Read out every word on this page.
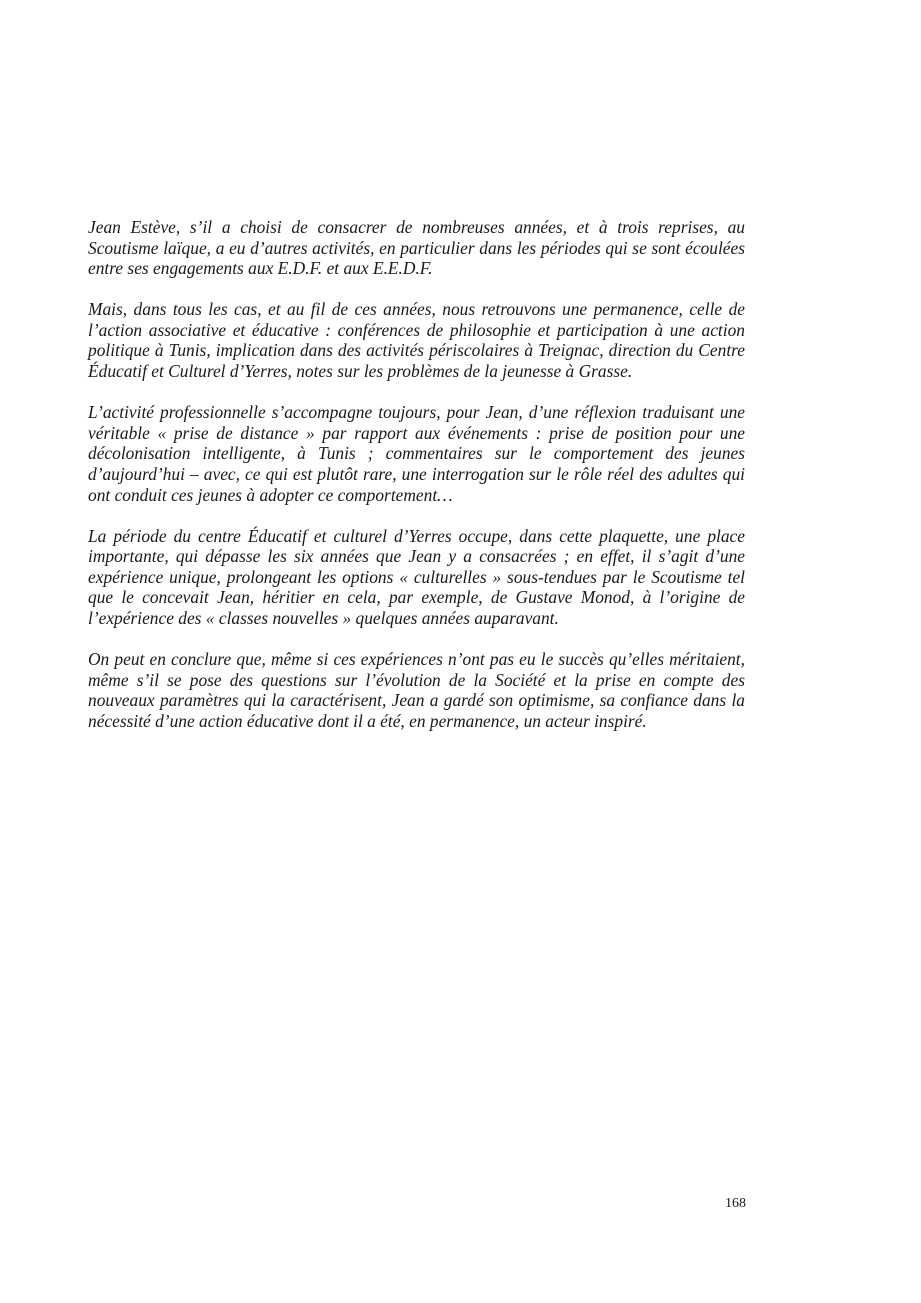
Jean Estève, s’il a choisi de consacrer de nombreuses années, et à trois reprises, au Scoutisme laïque, a eu d’autres activités, en particulier dans les périodes qui se sont écoulées entre ses engagements aux E.D.F. et aux E.E.D.F.

Mais, dans tous les cas, et au fil de ces années, nous retrouvons une permanence, celle de l’action associative et éducative : conférences de philosophie et participation à une action politique à Tunis, implication dans des activités périscolaires à Treignac, direction du Centre Éducatif et Culturel d’Yerres, notes sur les problèmes de la jeunesse à Grasse.

L’activité professionnelle s’accompagne toujours, pour Jean, d’une réflexion traduisant une véritable « prise de distance » par rapport aux événements : prise de position pour une décolonisation intelligente, à Tunis ; commentaires sur le comportement des jeunes d’aujourd’hui – avec, ce qui est plutôt rare, une interrogation sur le rôle réel des adultes qui ont conduit ces jeunes à adopter ce comportement…

La période du centre Éducatif et culturel d’Yerres occupe, dans cette plaquette, une place importante, qui dépasse les six années que Jean y a consacrées ; en effet, il s’agit d’une expérience unique, prolongeant les options « culturelles » sous-tendues par le Scoutisme tel que le concevait Jean, héritier en cela, par exemple, de Gustave Monod, à l’origine de l’expérience des « classes nouvelles » quelques années auparavant.

On peut en conclure que, même si ces expériences n’ont pas eu le succès qu’elles méritaient, même s’il se pose des questions sur l’évolution de la Société et la prise en compte des nouveaux paramètres qui la caractérisent, Jean a gardé son optimisme, sa confiance dans la nécessité d’une action éducative dont il a été, en permanence, un acteur inspiré.

168
